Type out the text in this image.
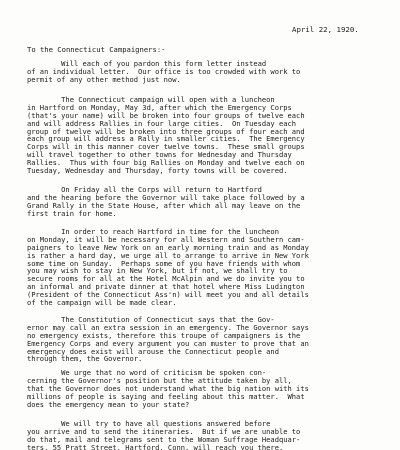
April 22, 1920.
To the Connecticut Campaigners:-
Will each of you pardon this form letter instead
of an individual letter.  Our office is too crowded with work to
permit of any other method just now.
The Connecticut campaign will open with a luncheon
in Hartford on Monday, May 3d, after which the Emergency Corps
(that's your name) will be broken into four groups of twelve each
and will address Rallies in four large cities.  On Tuesday each
group of twelve will be broken into three groups of four each and
each group will address a Rally in smaller cities.  The Emergency
Corps will in this manner cover twelve towns.  These small groups
will travel together to other towns for Wednesday and Thursday
Rallies.  Thus with four big Rallies on Monday and twelve each on
Tuesday, Wednesday and Thursday, forty towns will be covered.
On Friday all the Corps will return to Hartford
and the hearing before the Governor will take place followed by a
Grand Rally in the State House, after which all may leave on the
first train for home.
In order to reach Hartford in time for the luncheon
on Monday, it will be necessary for all Western and Southern cam-
paigners to leave New York on an early morning train and as Monday
is rather a hard day, we urge all to arrange to arrive in New York
some time on Sunday.  Perhaps some of you have friends with whom
you may wish to stay in New York, but if not, we shall try to
secure rooms for all at the Hotel McAlpin and we do invite you to
an informal and private dinner at that hotel where Miss Ludington
(President of the Connecticut Ass'n) will meet you and all details
of the campaign will be made clear.
The Constitution of Connecticut says that the Gov-
ernor may call an extra session in an emergency. The Governor says
no emergency exists, therefore this troupe of campaigners is the
Emergency Corps and every argument you can muster to prove that an
emergency does exist will arouse the Connecticut people and
through them, the Governor.
We urge that no word of criticism be spoken con-
cerning the Governor's position but the attitude taken by all,
that the Governor does not understand what the big nation with its
millions of people is saying and feeling about this matter.  What
does the emergency mean to your state?
We will try to have all questions answered before
you arrive and to send the itineraries.  But if we are unable to
do that, mail and telegrams sent to the Woman Suffrage Headquar-
ters, 55 Pratt Street, Hartford, Conn. will reach you there.
